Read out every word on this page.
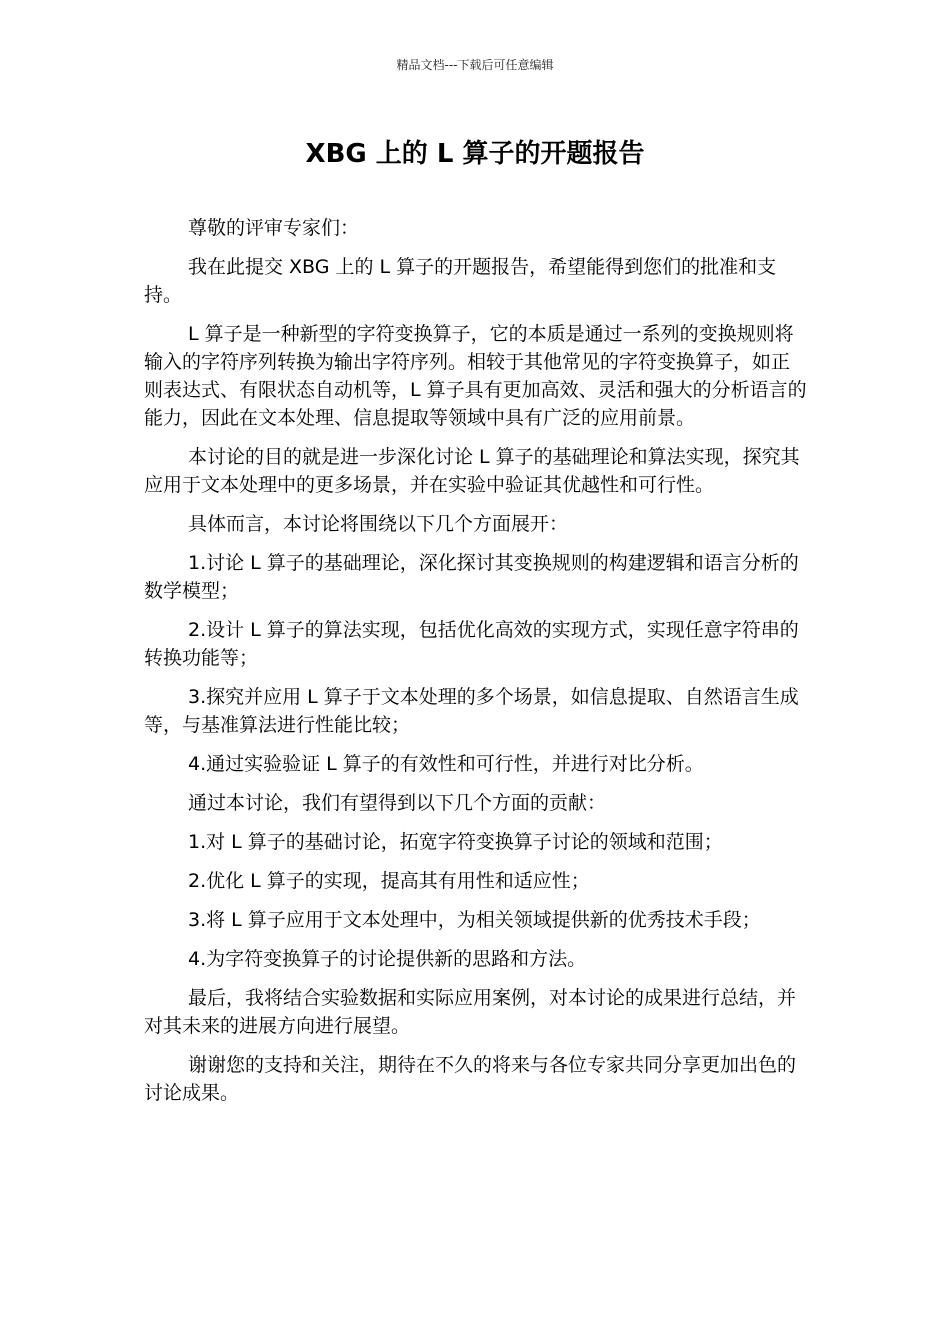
精品文档---下载后可任意编辑
XBG 上的 L 算子的开题报告

尊敬的评审专家们：

我在此提交 XBG 上的 L 算子的开题报告，希望能得到您们的批准和支持。

L 算子是一种新型的字符变换算子，它的本质是通过一系列的变换规则将输入的字符序列转换为输出字符序列。相较于其他常见的字符变换算子，如正则表达式、有限状态自动机等，L 算子具有更加高效、灵活和强大的分析语言的能力，因此在文本处理、信息提取等领域中具有广泛的应用前景。

本讨论的目的就是进一步深化讨论 L 算子的基础理论和算法实现，探究其应用于文本处理中的更多场景，并在实验中验证其优越性和可行性。

具体而言，本讨论将围绕以下几个方面展开：

1.讨论 L 算子的基础理论，深化探讨其变换规则的构建逻辑和语言分析的数学模型；

2.设计 L 算子的算法实现，包括优化高效的实现方式，实现任意字符串的转换功能等；

3.探究并应用 L 算子于文本处理的多个场景，如信息提取、自然语言生成等，与基准算法进行性能比较；

4.通过实验验证 L 算子的有效性和可行性，并进行对比分析。

通过本讨论，我们有望得到以下几个方面的贡献：

1.对 L 算子的基础讨论，拓宽字符变换算子讨论的领域和范围；

2.优化 L 算子的实现，提高其有用性和适应性；

3.将 L 算子应用于文本处理中，为相关领域提供新的优秀技术手段；

4.为字符变换算子的讨论提供新的思路和方法。

最后，我将结合实验数据和实际应用案例，对本讨论的成果进行总结，并对其未来的进展方向进行展望。

谢谢您的支持和关注，期待在不久的将来与各位专家共同分享更加出色的讨论成果。
